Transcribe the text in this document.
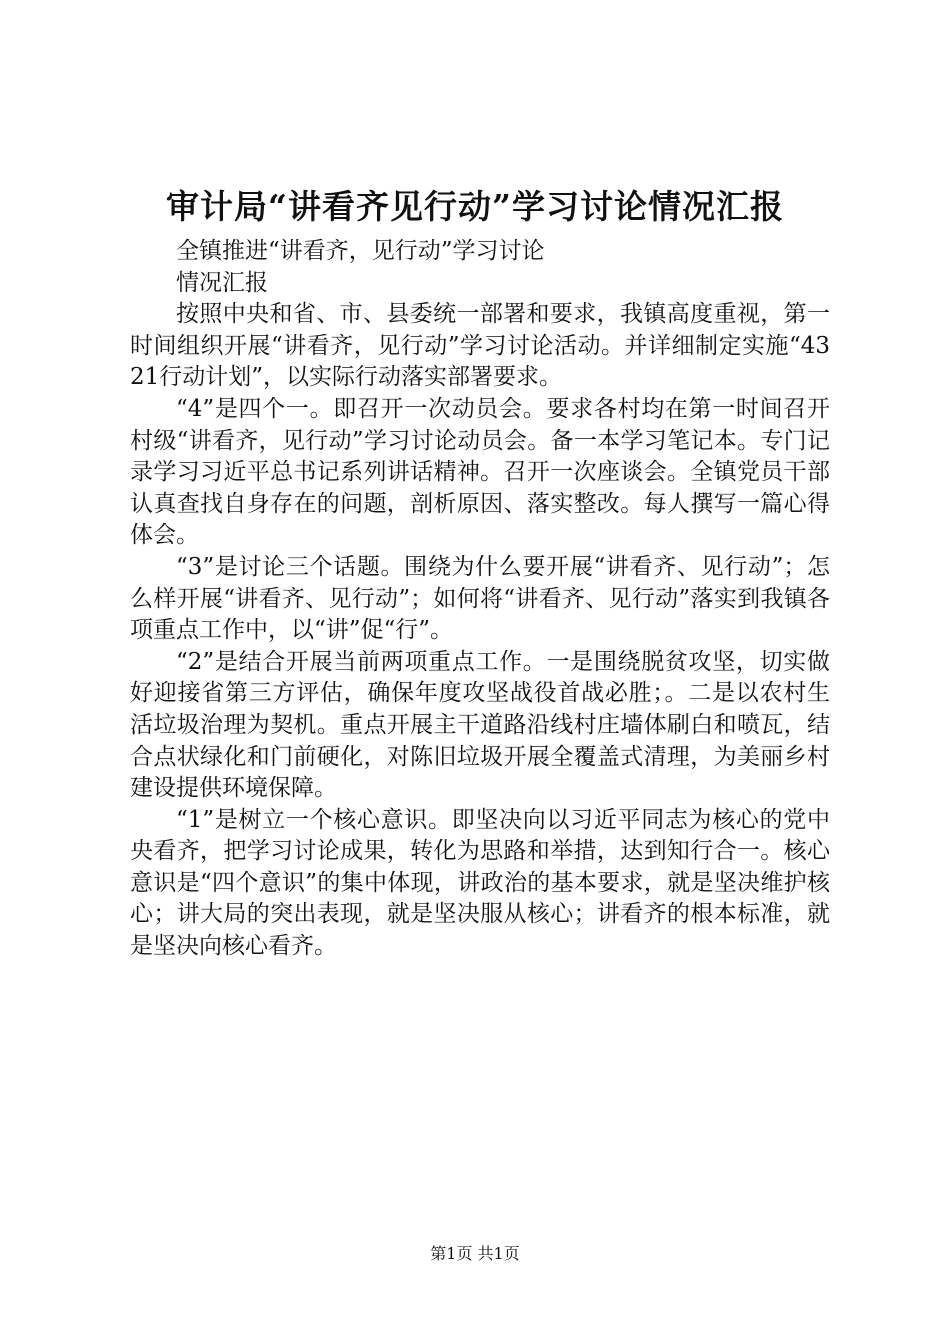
审计局“讲看齐见行动”学习讨论情况汇报

全镇推进“讲看齐，见行动”学习讨论

情况汇报

按照中央和省、市、县委统一部署和要求，我镇高度重视，第一时间组织开展“讲看齐，见行动”学习讨论活动。并详细制定实施“4321行动计划”，以实际行动落实部署要求。

“4”是四个一。即召开一次动员会。要求各村均在第一时间召开村级“讲看齐，见行动”学习讨论动员会。备一本学习笔记本。专门记录学习习近平总书记系列讲话精神。召开一次座谈会。全镇党员干部认真查找自身存在的问题，剖析原因、落实整改。每人撰写一篇心得体会。

“3”是讨论三个话题。围绕为什么要开展“讲看齐、见行动”；怎么样开展“讲看齐、见行动”；如何将“讲看齐、见行动”落实到我镇各项重点工作中，以“讲”促“行”。

“2”是结合开展当前两项重点工作。一是围绕脱贫攻坚，切实做好迎接省第三方评估，确保年度攻坚战役首战必胜；。二是以农村生活垃圾治理为契机。重点开展主干道路沿线村庄墙体刷白和喷瓦，结合点状绿化和门前硬化，对陈旧垃圾开展全覆盖式清理，为美丽乡村建设提供环境保障。

“1”是树立一个核心意识。即坚决向以习近平同志为核心的党中央看齐，把学习讨论成果，转化为思路和举措，达到知行合一。核心意识是“四个意识”的集中体现，讲政治的基本要求，就是坚决维护核心；讲大局的突出表现，就是坚决服从核心；讲看齐的根本标准，就是坚决向核心看齐。

第1页 共1页
